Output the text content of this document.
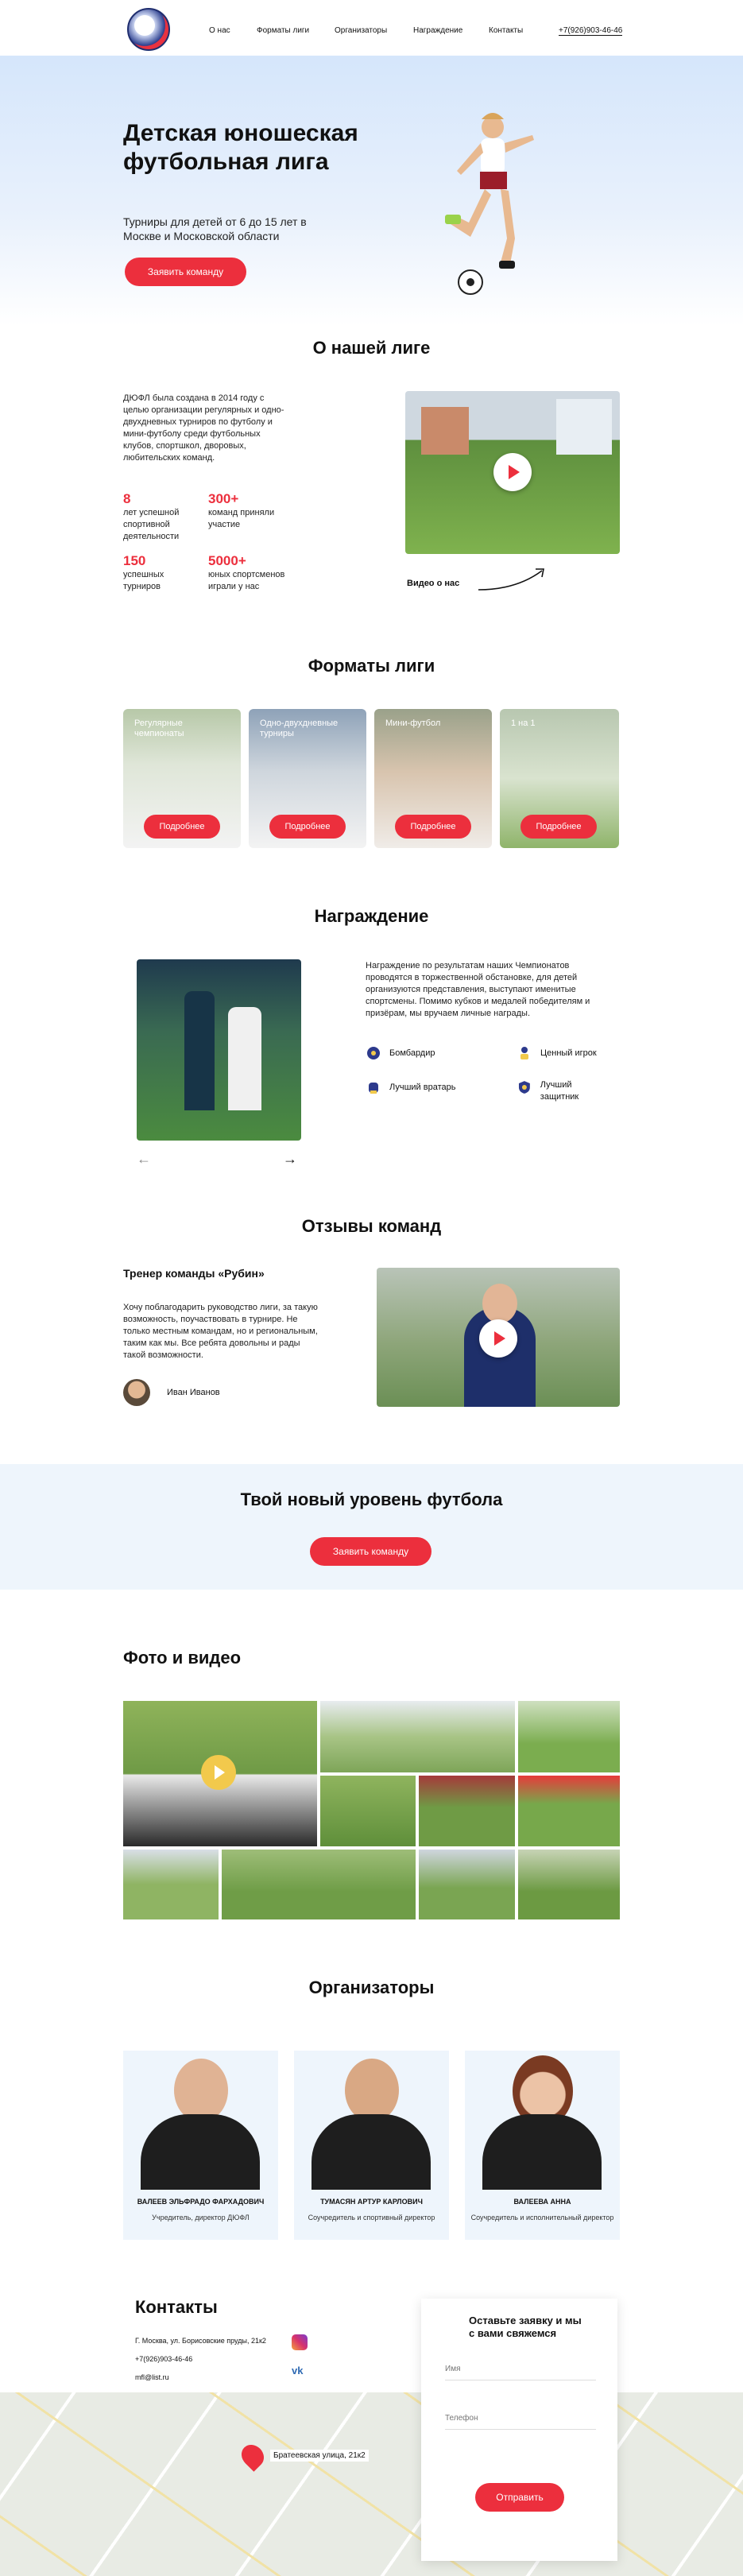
О нас	Форматы лиги	Организаторы	Награждение	Контакты	+7(926)903-46-46
Детская юношеская футбольная лига
Турниры для детей от 6 до 15 лет в Москве и Московской области
Заявить команду
О нашей лиге
ДЮФЛ была создана в 2014 году с целью организации регулярных и одно-двухдневных турниров по футболу и мини-футболу среди футбольных клубов, спортшкол, дворовых, любительских команд.
8
лет успешной спортивной деятельности
300+
команд приняли участие
150
успешных турниров
5000+
юных спортсменов играли у нас	Видео о нас
Форматы лиги
Регулярные чемпионаты
Подробнее
Одно-двухдневные турниры
Подробнее
Мини-футбол
Подробнее
1 на 1
Подробнее
Награждение
←	→
Награждение по результатам наших Чемпионатов проводятся в торжественной обстановке, для детей организуются представления, выступают именитые спортсмены. Помимо кубков и медалей победителям и призёрам, мы вручаем личные награды.
Бомбардир	Ценный игрок
Лучший вратарь	Лучший защитник
Отзывы команд
Тренер команды «Рубин»
Хочу поблагодарить руководство лиги, за такую возможность, поучаствовать в турнире. Не только местным командам, но и региональным, таким как мы. Все ребята довольны и рады такой возможности.
Иван Иванов
Твой новый уровень футбола
Заявить команду
Фото и видео
Организаторы
ВАЛЕЕВ ЭЛЬФРАДО ФАРХАДОВИЧ
Учредитель, директор ДЮФЛ
ТУМАСЯН АРТУР КАРЛОВИЧ
Соучредитель и спортивный директор
ВАЛЕЕВА АННА
Соучредитель и исполнительный директор
Братеевская улица, 21к2
Контакты
Г. Москва, ул. Борисовские пруды, 21к2
+7(926)903-46-46
mfl@list.ru
vk
Оставьте заявку и мы с вами свяжемся
Имя
Телефон
Отправить
